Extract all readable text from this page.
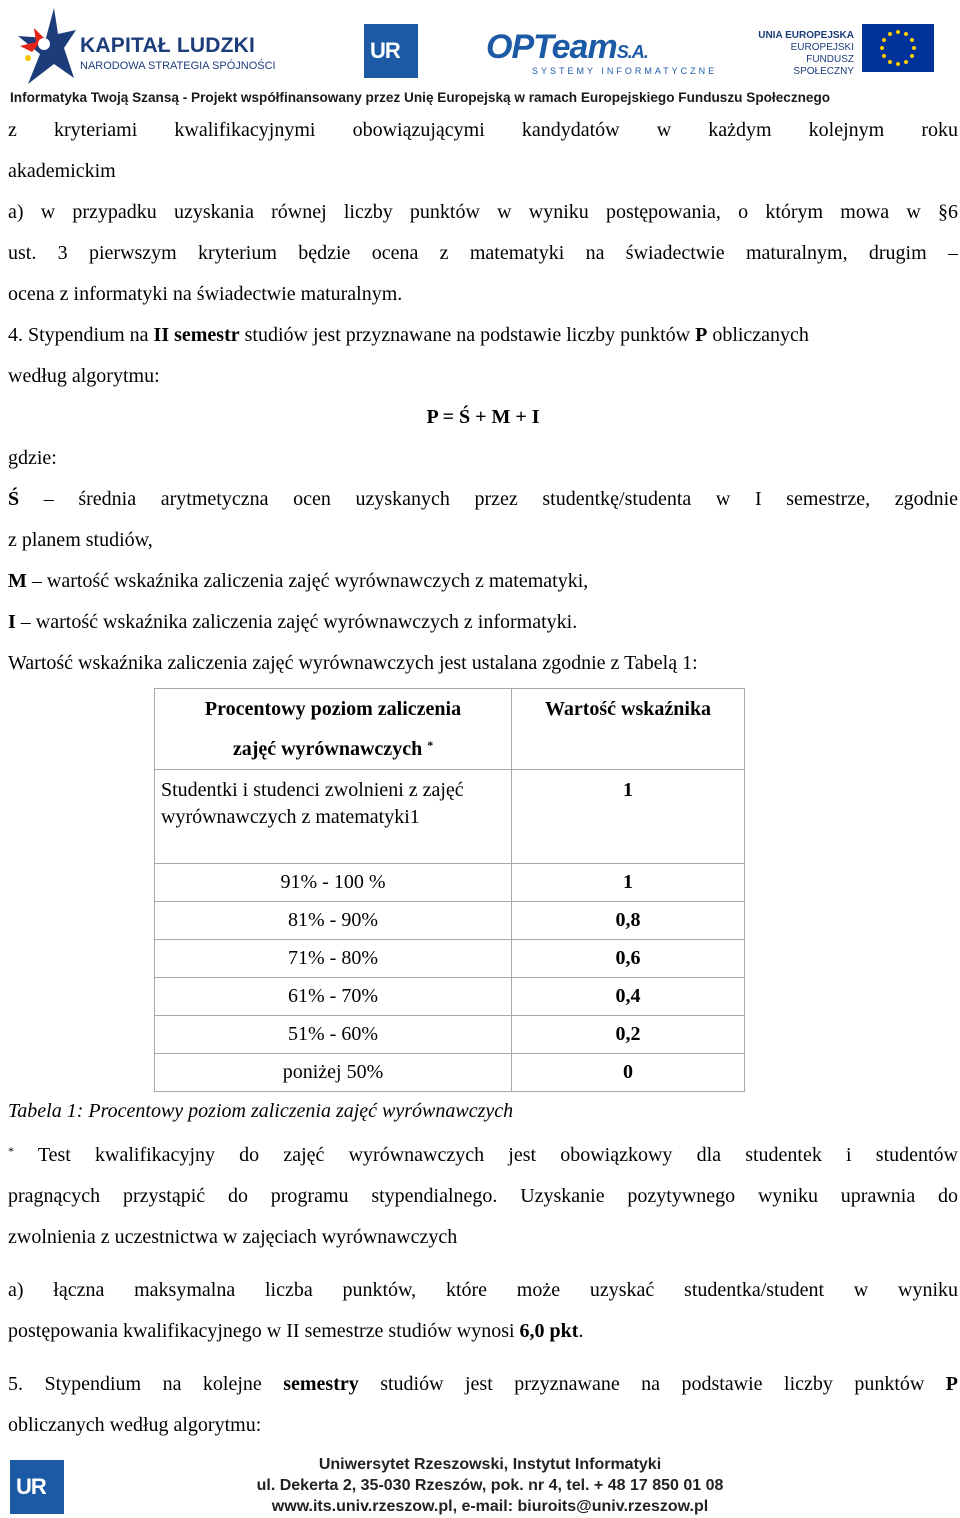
KAPITAŁ LUDZKI
NARODOWA STRATEGIA SPÓJNOŚCI
UR	OPTeamS.A.
SYSTEMY INFORMATYCZNE
UNIA EUROPEJSKA
EUROPEJSKI
FUNDUSZ SPOŁECZNY
Informatyka Twoją Szansą - Projekt współfinansowany przez Unię Europejską w ramach Europejskiego Funduszu Społecznego
z kryteriami kwalifikacyjnymi obowiązującymi kandydatów w każdym kolejnym roku
akademickim
a) w przypadku uzyskania równej liczby punktów w wyniku postępowania, o którym mowa w §6
ust. 3 pierwszym kryterium będzie ocena z matematyki na świadectwie maturalnym, drugim –
ocena z informatyki na świadectwie maturalnym.
4. Stypendium na II semestr studiów jest przyznawane na podstawie liczby punktów P obliczanych
według algorytmu:
P = Ś + M + I
gdzie:
Ś – średnia arytmetyczna ocen uzyskanych przez studentkę/studenta w I semestrze, zgodnie
z planem studiów,
M – wartość wskaźnika zaliczenia zajęć wyrównawczych z matematyki,
I – wartość wskaźnika zaliczenia zajęć wyrównawczych z informatyki.
Wartość wskaźnika zaliczenia zajęć wyrównawczych jest ustalana zgodnie z Tabelą 1:
Procentowy poziom zaliczenia
zajęć wyrównawczych *	Wartość wskaźnika
Studentki i studenci zwolnieni z zajęć wyrównawczych z matematyki1	1
91% - 100 %	1
81% - 90%	0,8
71% - 80%	0,6
61% - 70%	0,4
51% - 60%	0,2
poniżej 50%	0
Tabela 1: Procentowy poziom zaliczenia zajęć wyrównawczych
* Test kwalifikacyjny do zajęć wyrównawczych jest obowiązkowy dla studentek i studentów
pragnących przystąpić do programu stypendialnego. Uzyskanie pozytywnego wyniku uprawnia do
zwolnienia z uczestnictwa w zajęciach wyrównawczych
a) łączna maksymalna liczba punktów, które może uzyskać studentka/student w wyniku
postępowania kwalifikacyjnego w II semestrze studiów wynosi 6,0 pkt.
5. Stypendium na kolejne semestry studiów jest przyznawane na podstawie liczby punktów P
obliczanych według algorytmu:
UR
Uniwersytet Rzeszowski, Instytut Informatyki
ul. Dekerta 2, 35-030 Rzeszów, pok. nr 4, tel. + 48 17 850 01 08
www.its.univ.rzeszow.pl, e-mail: biuroits@univ.rzeszow.pl
